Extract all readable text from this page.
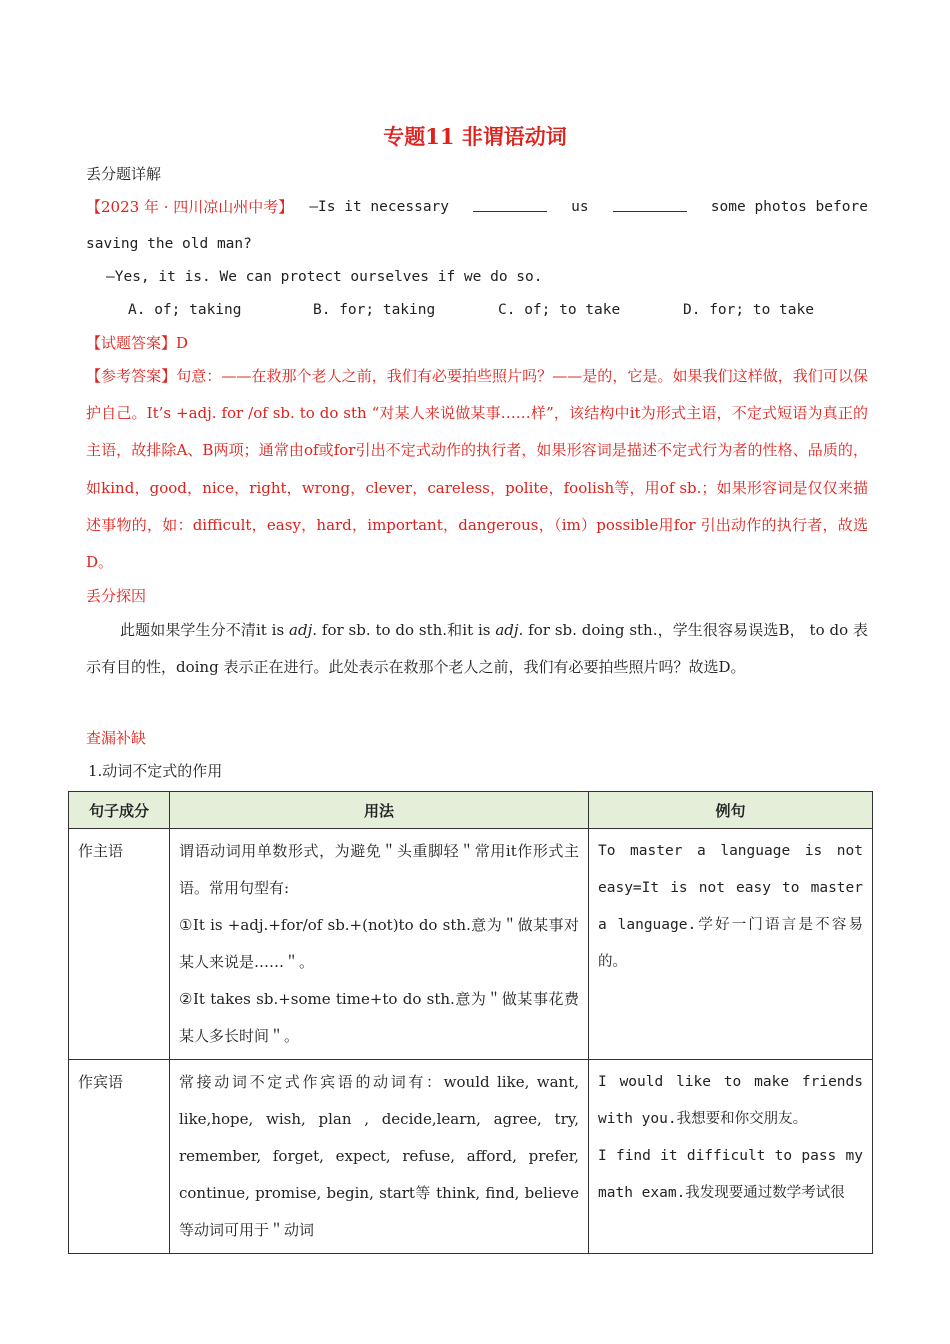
专题11 非谓语动词
丢分题详解
【2023 年 · 四川凉山州中考】 —Is it necessary	us	some photos before
saving the old man?
—Yes, it is. We can protect ourselves if we do so.
A. of; taking	B. for; taking	C. of; to take	D. for; to take
【试题答案】D
【参考答案】句意：——在救那个老人之前，我们有必要拍些照片吗？——是的，它是。如果我们这样做，我们可以保护自己。It’s +adj. for /of sb. to do sth “对某人来说做某事……样”，该结构中it为形式主语，不定式短语为真正的主语，故排除A、B两项；通常由of或for引出不定式动作的执行者，如果形容词是描述不定式行为者的性格、品质的，如kind，good，nice，right，wrong，clever，careless，polite，foolish等，用of sb.；如果形容词是仅仅来描述事物的，如：difficult，easy，hard，important，dangerous，（im）possible用for 引出动作的执行者，故选D。
丢分探因
此题如果学生分不清it is adj. for sb. to do sth.和it is adj. for sb. doing sth.，学生很容易误选B， to do 表示有目的性，doing 表示正在进行。此处表示在救那个老人之前，我们有必要拍些照片吗？故选D。
查漏补缺
1.动词不定式的作用
句子成分	用法	例句
作主语	谓语动词用单数形式，为避免＂头重脚轻＂常用it作形式主语。常用句型有:
①It is +adj.+for/of sb.+(not)to do sth.意为＂做某事对某人来说是……＂。
②It takes sb.+some time+to do sth.意为＂做某事花费某人多长时间＂。	To master a language is not easy=It is not easy to master a language.学好一门语言是不容易的。

作宾语	常接动词不定式作宾语的动词有：would like, want, like,hope, wish, plan , decide,learn, agree, try, remember, forget, expect, refuse, afford, prefer, continue, promise, begin, start等 think, find, believe 等动词可用于＂动词	I would like to make friends with you.我想要和你交朋友。
I find it difficult to pass my math exam.我发现要通过数学考试很
